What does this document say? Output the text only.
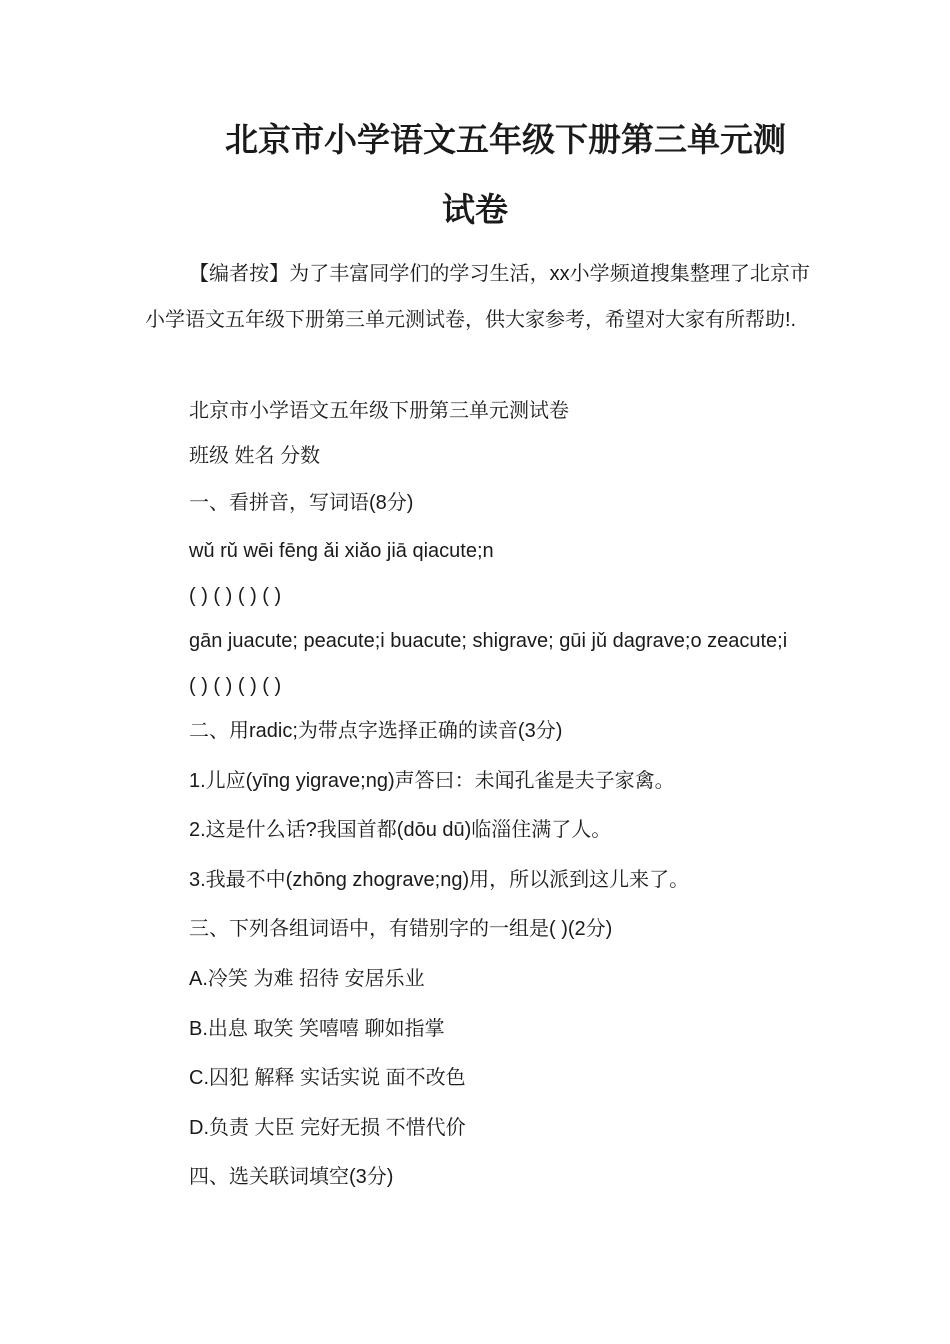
北京市小学语文五年级下册第三单元测
试卷
【编者按】为了丰富同学们的学习生活，xx小学频道搜集整理了北京市小学语文五年级下册第三单元测试卷，供大家参考，希望对大家有所帮助!.
北京市小学语文五年级下册第三单元测试卷
班级 姓名 分数
一、看拼音，写词语(8分)
wǔ rǔ wēi fēng ǎi xiǎo jiā qiacute;n
( ) ( ) ( ) ( )
gān juacute; peacute;i buacute; shigrave; gūi jǔ dagrave;o zeacute;i
( ) ( ) ( ) ( )
二、用radic;为带点字选择正确的读音(3分)
1.儿应(yīng yigrave;ng)声答曰：未闻孔雀是夫子家禽。
2.这是什么话?我国首都(dōu dū)临淄住满了人。
3.我最不中(zhōng zhograve;ng)用，所以派到这儿来了。
三、下列各组词语中，有错别字的一组是( )(2分)
A.冷笑 为难 招待 安居乐业
B.出息 取笑 笑嘻嘻 聊如指掌
C.囚犯 解释 实话实说 面不改色
D.负责 大臣 完好无损 不惜代价
四、选关联词填空(3分)
